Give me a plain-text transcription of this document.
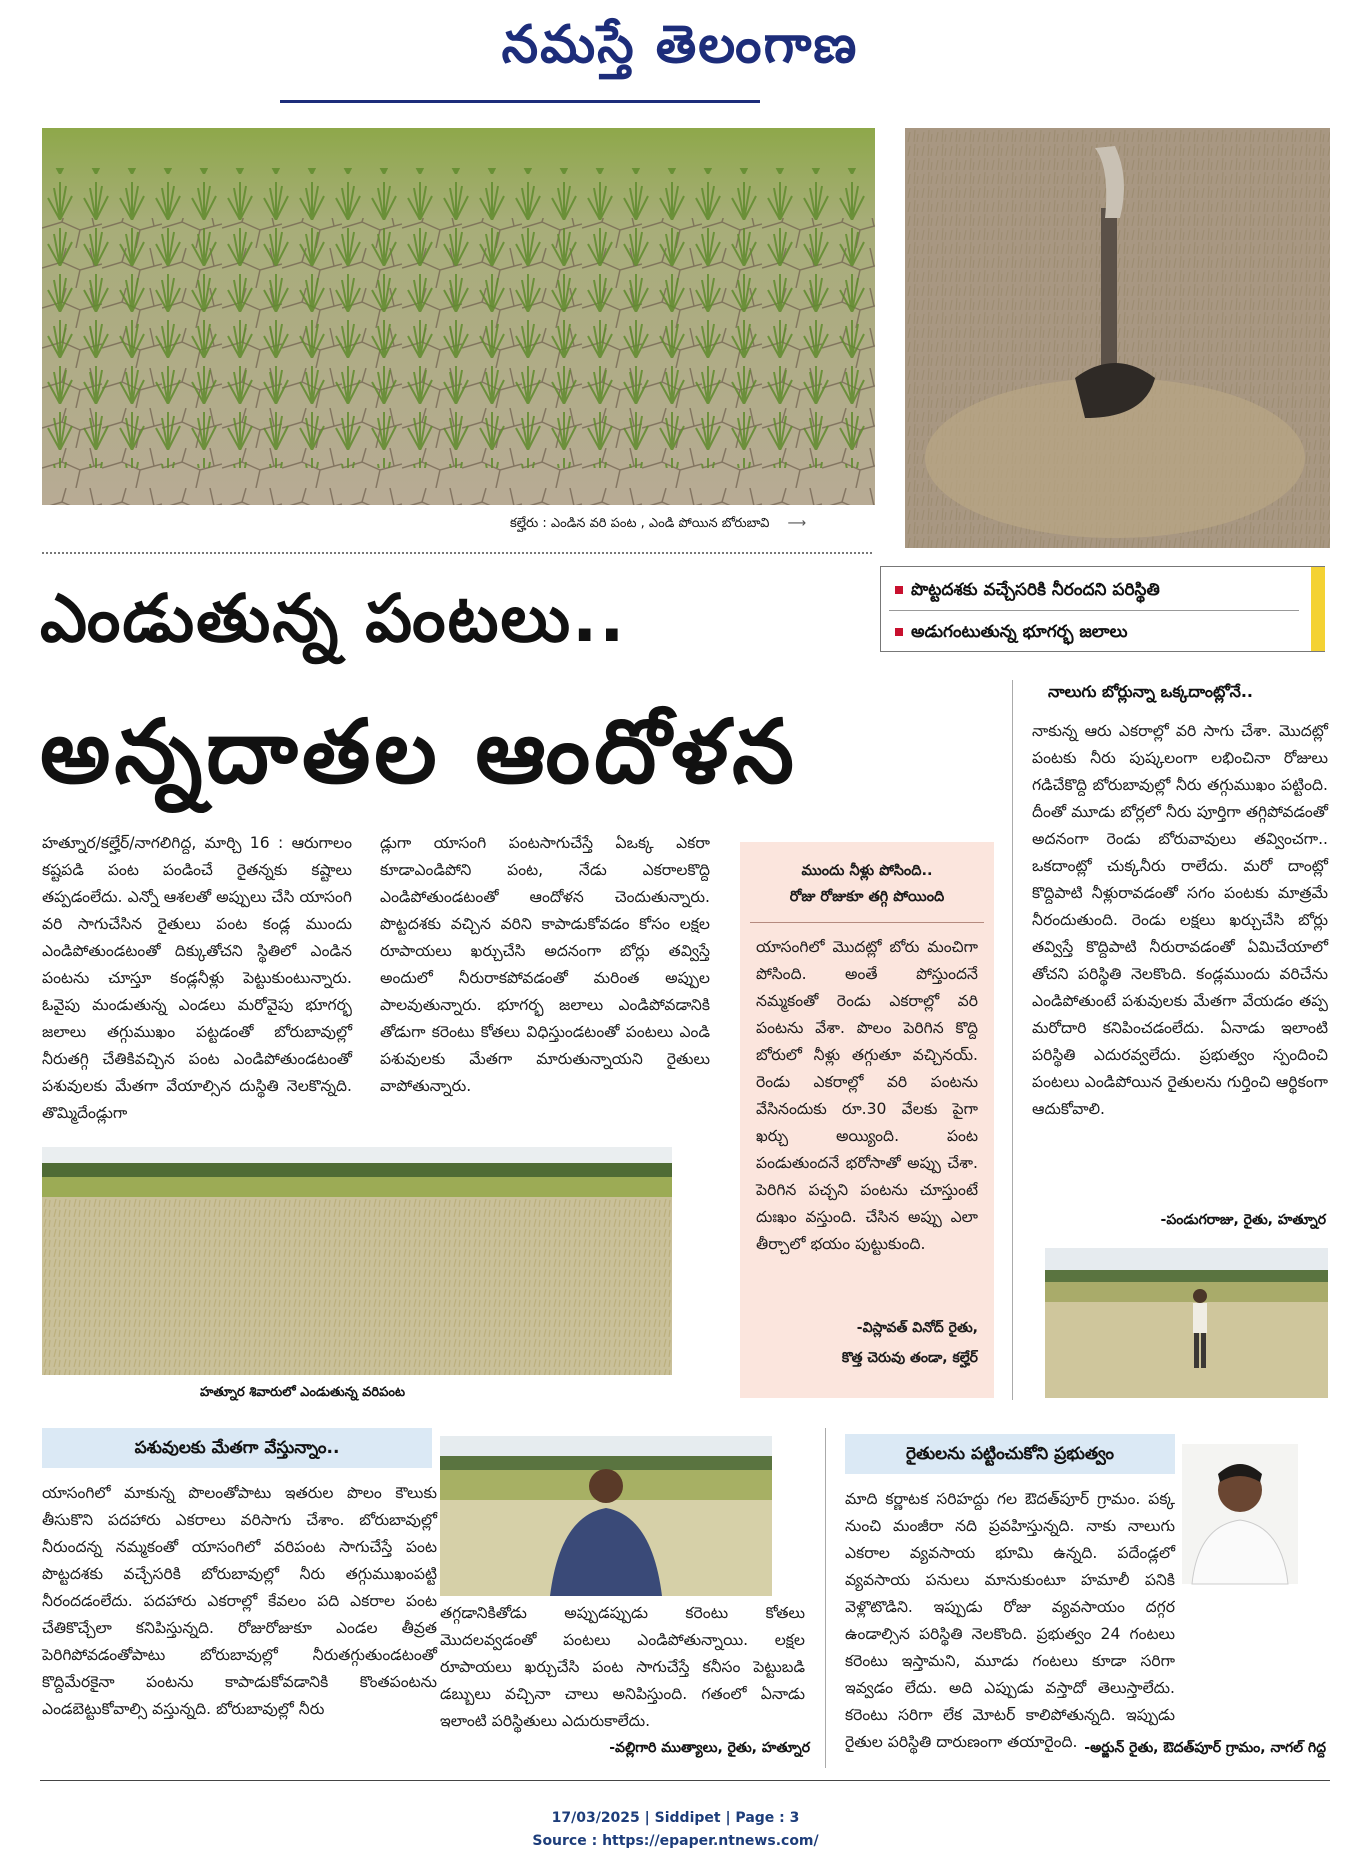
నమస్తే తెలంగాణ
కల్హేరు : ఎండిన వరి పంట , ఎండి పోయిన బోరుబావి ⟶
పొట్టదశకు వచ్చేసరికి నీరందని పరిస్థితి
అడుగంటుతున్న భూగర్భ జలాలు
ఎండుతున్న పంటలు..
అన్నదాతల ఆందోళన

హత్నూర/కల్హేర్/నాగలిగిద్ద, మార్చి 16 : ఆరుగాలం కష్టపడి పంట పండించే రైతన్నకు కష్టాలు తప్పడంలేదు. ఎన్నో ఆశలతో అప్పులు చేసి యాసంగి వరి సాగుచేసిన రైతులు పంట కండ్ల ముందు ఎండిపోతుండటంతో దిక్కుతోచని స్థితిలో ఎండిన పంటను చూస్తూ కండ్లనీళ్లు పెట్టుకుంటున్నారు. ఓవైపు మండుతున్న ఎండలు మరోవైపు భూగర్భ జలాలు తగ్గుముఖం పట్టడంతో బోరుబావుల్లో నీరుతగ్గి చేతికివచ్చిన పంట ఎండిపోతుండటంతో పశువులకు మేతగా వేయాల్సిన దుస్థితి నెలకొన్నది. తొమ్మిదేండ్లుగా

డ్లుగా యాసంగి పంటసాగుచేస్తే ఏఒక్క ఎకరా కూడాఎండిపోని పంట, నేడు ఎకరాలకొద్ది ఎండిపోతుండటంతో ఆందోళన చెందుతున్నారు. పొట్టదశకు వచ్చిన వరిని కాపాడుకోవడం కోసం లక్షల రూపాయలు ఖర్చుచేసి అదనంగా బోర్లు తవ్విస్తే అందులో నీరురాకపోవడంతో మరింత అప్పుల పాలవుతున్నారు. భూగర్భ జలాలు ఎండిపోవడానికి తోడుగా కరెంటు కోతలు విధిస్తుండటంతో పంటలు ఎండి పశువులకు మేతగా మారుతున్నాయని రైతులు వాపోతున్నారు.

హత్నూర శివారులో ఎండుతున్న వరిపంట
ముందు నీళ్లు పోసింది..
రోజు రోజుకూ తగ్గి పోయింది
యాసంగిలో మొదట్లో బోరు మంచిగా పోసింది. అంతే పోస్తుందనే నమ్మకంతో రెండు ఎకరాల్లో వరి పంటను వేశా. పొలం పెరిగిన కొద్ది బోరులో నీళ్లు తగ్గుతూ వచ్చినయ్. రెండు ఎకరాల్లో వరి పంటను వేసినందుకు రూ.30 వేలకు పైగా ఖర్చు అయ్యింది. పంట పండుతుందనే భరోసాతో అప్పు చేశా. పెరిగిన పచ్చని పంటను చూస్తుంటే దుఃఖం వస్తుంది. చేసిన అప్పు ఎలా తీర్చాలో భయం పుట్టుకుంది.
-విస్లావత్ వినోద్ రైతు,
కొత్త చెరువు తండా, కల్హేర్
నాలుగు బోర్లున్నా ఒక్కదాంట్లోనే..

నాకున్న ఆరు ఎకరాల్లో వరి సాగు చేశా. మొదట్లో పంటకు నీరు పుష్కలంగా లభించినా రోజులు గడిచేకొద్ది బోరుబావుల్లో నీరు తగ్గుముఖం పట్టింది. దీంతో మూడు బోర్లలో నీరు పూర్తిగా తగ్గిపోవడంతో అదనంగా రెండు బోరువావులు తవ్వించగా.. ఒకదాంట్లో చుక్కనీరు రాలేదు. మరో దాంట్లో కొద్దిపాటి నీళ్లురావడంతో సగం పంటకు మాత్రమే నీరందుతుంది. రెండు లక్షలు ఖర్చుచేసి బోర్లు తవ్విస్తే కొద్దిపాటి నీరురావడంతో ఏమిచేయాలో తోచని పరిస్థితి నెలకొంది. కండ్లముందు వరిచేను ఎండిపోతుంటే పశువులకు మేతగా వేయడం తప్ప మరోదారి కనిపించడంలేదు. ఏనాడు ఇలాంటి పరిస్థితి ఎదురవ్వలేదు. ప్రభుత్వం స్పందించి పంటలు ఎండిపోయిన రైతులను గుర్తించి ఆర్థికంగా ఆదుకోవాలి.

-పండుగరాజు, రైతు, హత్నూర
పశువులకు మేతగా వేస్తున్నాం..

యాసంగిలో మాకున్న పొలంతోపాటు ఇతరుల పొలం కౌలుకు తీసుకొని పదహారు ఎకరాలు వరిసాగు చేశాం. బోరుబావుల్లో నీరుందన్న నమ్మకంతో యాసంగిలో వరిపంట సాగుచేస్తే పంట పొట్టదశకు వచ్చేసరికి బోరుబావుల్లో నీరు తగ్గుముఖంపట్టి నీరందడంలేదు. పదహారు ఎకరాల్లో కేవలం పది ఎకరాల పంట చేతికొచ్చేలా కనిపిస్తున్నది. రోజురోజుకూ ఎండల తీవ్రత పెరిగిపోవడంతోపాటు బోరుబావుల్లో నీరుతగ్గుతుండటంతో కొద్దిమేరకైనా పంటను కాపాడుకోవడానికి కొంతపంటను ఎండబెట్టుకోవాల్సి వస్తున్నది. బోరుబావుల్లో నీరు

తగ్గడానికితోడు అప్పుడప్పుడు కరెంటు కోతలు మొదలవ్వడంతో పంటలు ఎండిపోతున్నాయి. లక్షల రూపాయలు ఖర్చుచేసి పంట సాగుచేస్తే కనీసం పెట్టుబడి డబ్బులు వచ్చినా చాలు అనిపిస్తుంది. గతంలో ఏనాడు ఇలాంటి పరిస్థితులు ఎదురుకాలేదు.

-వల్లిగారి ముత్యాలు, రైతు, హత్నూర
రైతులను పట్టించుకోని ప్రభుత్వం

మాది కర్ణాటక సరిహద్దు గల ఔదత్‌పూర్ గ్రామం. పక్క నుంచి మంజీరా నది ప్రవహిస్తున్నది. నాకు నాలుగు ఎకరాల వ్యవసాయ భూమి ఉన్నది. పదేండ్లలో వ్యవసాయ పనులు మానుకుంటూ హమాలీ పనికి వెళ్లొటొడిని. ఇప్పుడు రోజు వ్యవసాయం దగ్గర ఉండాల్సిన పరిస్థితి నెలకొంది. ప్రభుత్వం 24 గంటలు కరెంటు ఇస్తామని, మూడు గంటలు కూడా సరిగా ఇవ్వడం లేదు. అది ఎప్పుడు వస్తాదో తెలుస్తాలేదు. కరెంటు సరిగా లేక మోటర్ కాలిపోతున్నది. ఇప్పుడు రైతుల పరిస్థితి దారుణంగా తయారైంది. -అర్జున్ రైతు, ఔదత్‌పూర్ గ్రామం, నాగల్ గిద్ద
17/03/2025 | Siddipet | Page : 3
Source : https://epaper.ntnews.com/
